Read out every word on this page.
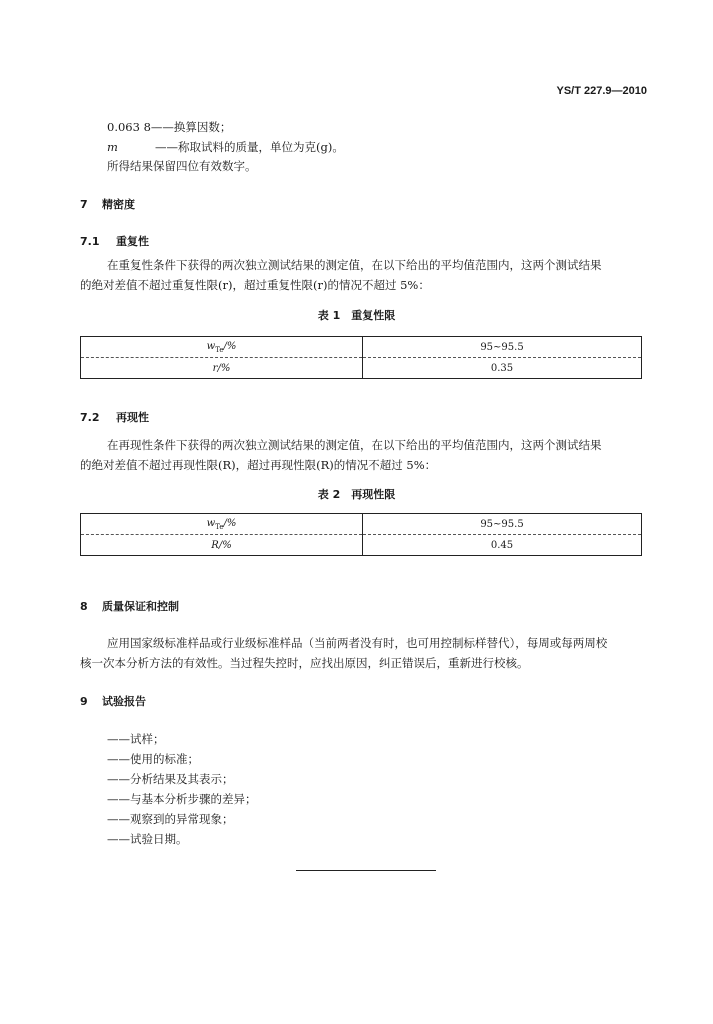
YS/T 227.9—2010
0.063 8——换算因数；
m	——称取试料的质量，单位为克(g)。
所得结果保留四位有效数字。
7 精密度
7.1 重复性
在重复性条件下获得的两次独立测试结果的测定值，在以下给出的平均值范围内，这两个测试结果
的绝对差值不超过重复性限(r)，超过重复性限(r)的情况不超过 5%：
表 1　重复性限
$w_{Te}/\%$	95~95.5
r/%	0.35
7.2 再现性
在再现性条件下获得的两次独立测试结果的测定值，在以下给出的平均值范围内，这两个测试结果
的绝对差值不超过再现性限(R)，超过再现性限(R)的情况不超过 5%：
表 2　再现性限
$w_{Te}/\%$	95~95.5
R/%	0.45
8 质量保证和控制
应用国家级标准样品或行业级标准样品（当前两者没有时，也可用控制标样替代），每周或每两周校
核一次本分析方法的有效性。当过程失控时，应找出原因，纠正错误后，重新进行校核。
9 试验报告
——试样；
——使用的标准；
——分析结果及其表示；
——与基本分析步骤的差异；
——观察到的异常现象；
——试验日期。
